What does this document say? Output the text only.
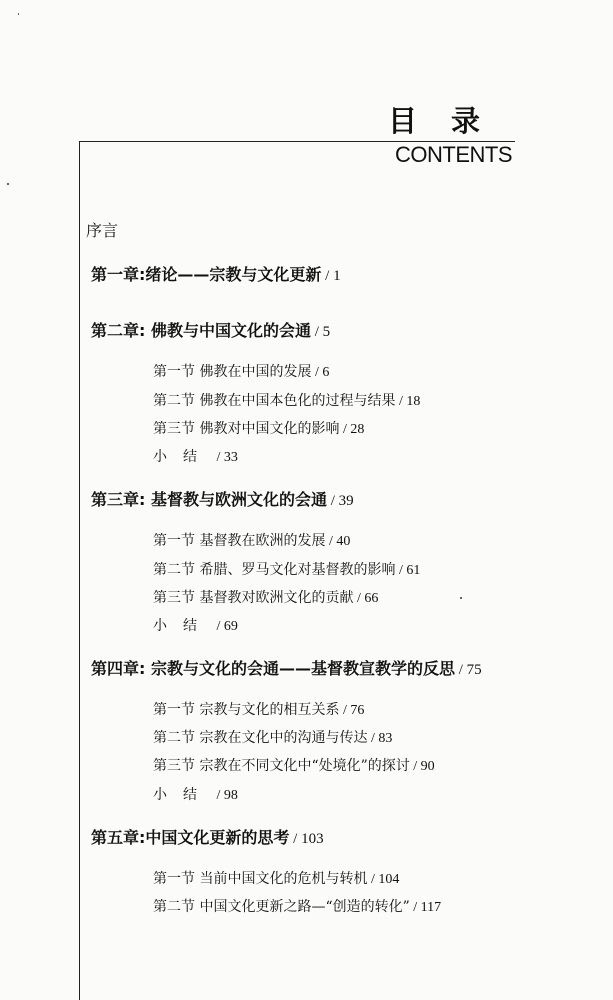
目录
CONTENTS
序言
第一章:绪论——宗教与文化更新 / 1
第二章: 佛教与中国文化的会通 / 5
第一节 佛教在中国的发展 / 6
第二节 佛教在中国本色化的过程与结果 / 18
第三节 佛教对中国文化的影响 / 28
小结 / 33
第三章: 基督教与欧洲文化的会通 / 39
第一节 基督教在欧洲的发展 / 40
第二节 希腊、罗马文化对基督教的影响 / 61
第三节 基督教对欧洲文化的贡献 / 66
小结 / 69
第四章: 宗教与文化的会通——基督教宣教学的反思 / 75
第一节 宗教与文化的相互关系 / 76
第二节 宗教在文化中的沟通与传达 / 83
第三节 宗教在不同文化中“处境化”的探讨 / 90
小结 / 98
第五章:中国文化更新的思考 / 103
第一节 当前中国文化的危机与转机 / 104
第二节 中国文化更新之路—“创造的转化” / 117
